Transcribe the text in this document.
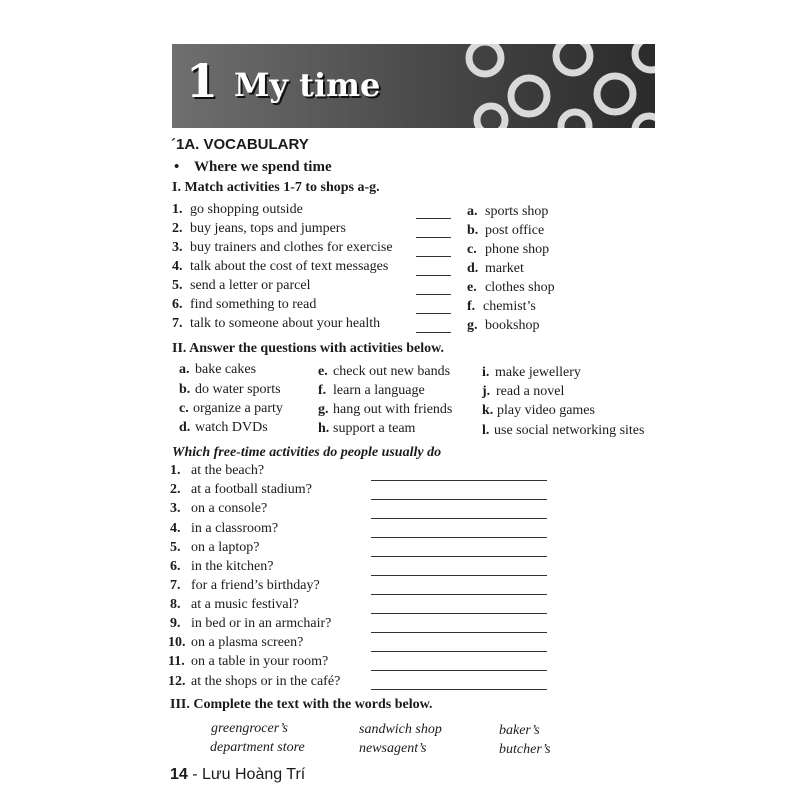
1 My time
´1A. VOCABULARY
• Where we spend time
I. Match activities 1-7 to shops a-g.
1. go shopping outside
2. buy jeans, tops and jumpers
3. buy trainers and clothes for exercise
4. talk about the cost of text messages
5. send a letter or parcel
6. find something to read
7. talk to someone about your health
a. sports shop
b. post office
c. phone shop
d. market
e. clothes shop
f. chemist’s
g. bookshop
II. Answer the questions with activities below.
a. bake cakes
b. do water sports
c. organize a party
d. watch DVDs
e. check out new bands
f. learn a language
g. hang out with friends
h. support a team
i. make jewellery
j. read a novel
k. play video games
l. use social networking sites
Which free-time activities do people usually do
1. at the beach?
2. at a football stadium?
3. on a console?
4. in a classroom?
5. on a laptop?
6. in the kitchen?
7. for a friend’s birthday?
8. at a music festival?
9. in bed or in an armchair?
10. on a plasma screen?
11. on a table in your room?
12. at the shops or in the café?
III. Complete the text with the words below.
greengrocer’s	sandwich shop	baker’s
department store	newsagent’s	butcher’s
14 - Lưu Hoàng Trí
